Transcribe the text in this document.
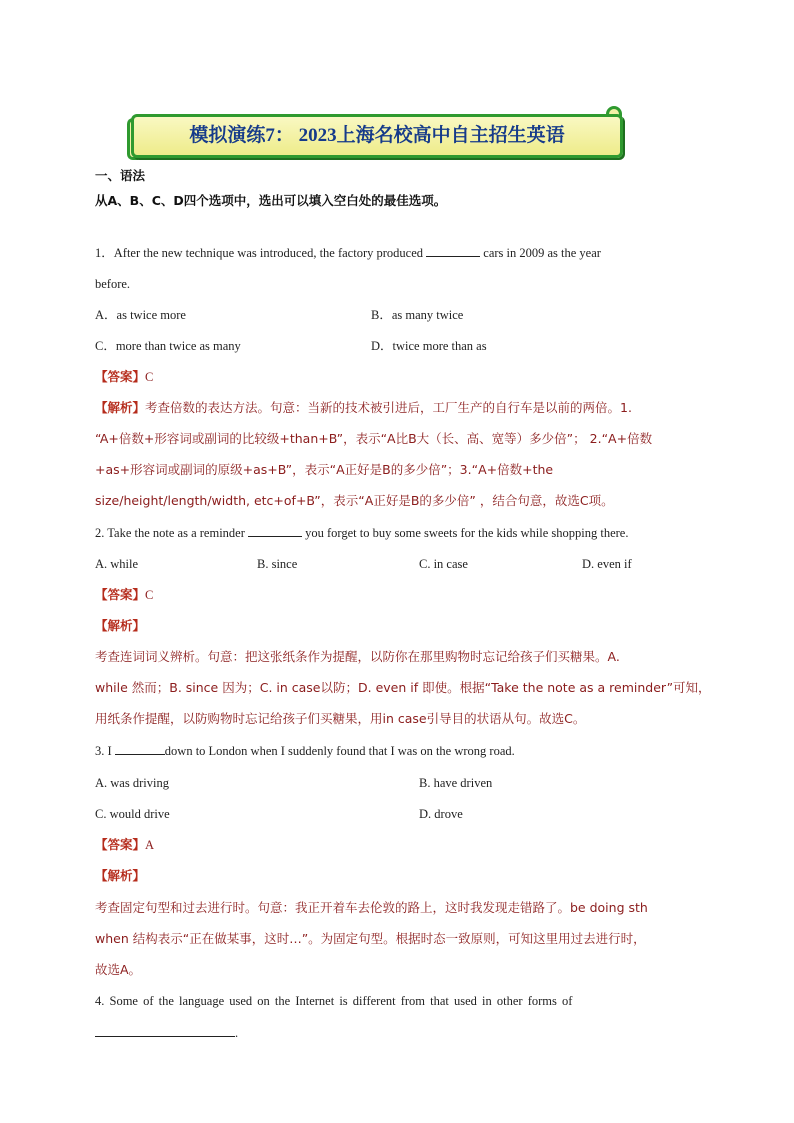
模拟演练7： 2023上海名校高中自主招生英语
一、语法
从A、B、C、D四个选项中，选出可以填入空白处的最佳选项。
1．After the new technique was introduced, the factory produced	cars in 2009 as the year
before.
A．as twice more	B．as many twice
C．more than twice as many	D．twice more than as
【答案】C
【解析】考查倍数的表达方法。句意：当新的技术被引进后，工厂生产的自行车是以前的两倍。1.
“A+倍数+形容词或副词的比较级+than+B”，表示“A比B大（长、高、宽等）多少倍”； 2.“A+倍数
+as+形容词或副词的原级+as+B”，表示“A正好是B的多少倍”；3.“A+倍数+the
size/height/length/width, etc+of+B”，表示“A正好是B的多少倍” ，结合句意，故选C项。
2. Take the note as a reminder	you forget to buy some sweets for the kids while shopping there.
A. while	B. since	C. in case	D. even if
【答案】C
【解析】
考查连词词义辨析。句意：把这张纸条作为提醒，以防你在那里购物时忘记给孩子们买糖果。A.
while 然而；B. since 因为；C. in case以防；D. even if 即使。根据“Take the note as a reminder”可知，
用纸条作提醒，以防购物时忘记给孩子们买糖果，用in case引导目的状语从句。故选C。
3. I	down to London when I suddenly found that I was on the wrong road.
A. was driving	B. have driven
C. would drive	D. drove
【答案】A
【解析】
考查固定句型和过去进行时。句意：我正开着车去伦敦的路上，这时我发现走错路了。be doing sth
when 结构表示“正在做某事，这时…”。为固定句型。根据时态一致原则，可知这里用过去进行时，
故选A。
4. Some of the language used on the Internet is different from that used in other forms of
.
